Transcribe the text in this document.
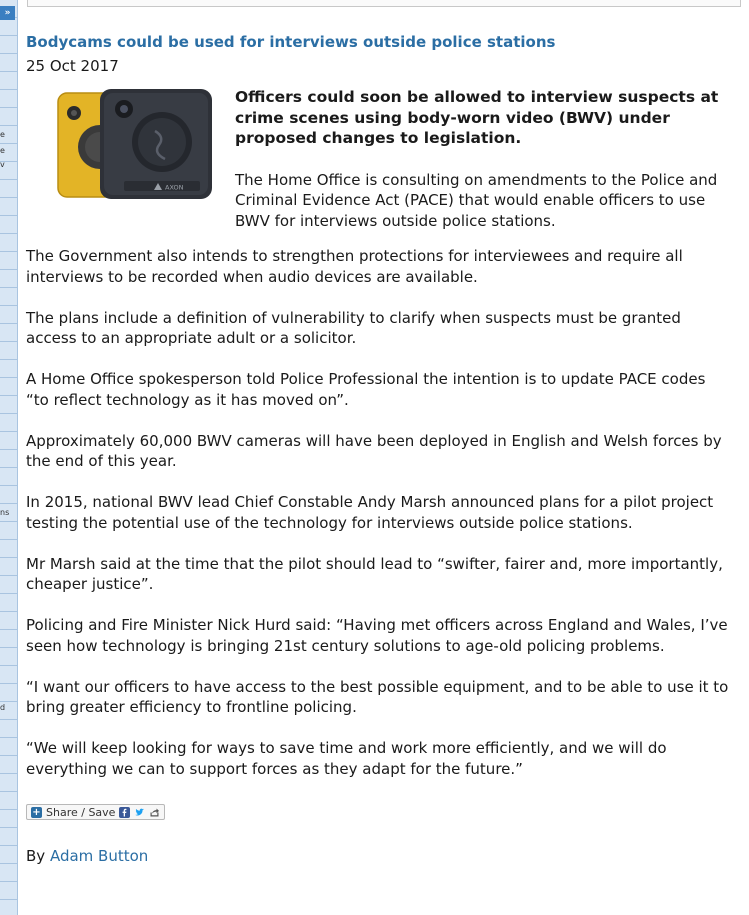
»
e
e
v
ns
d
Bodycams could be used for interviews outside police stations
25 Oct 2017
AXON

Officers could soon be allowed to interview suspects at crime scenes using body-worn video (BWV) under proposed changes to legislation.

The Home Office is consulting on amendments to the Police and Criminal Evidence Act (PACE) that would enable officers to use BWV for interviews outside police stations.

The Government also intends to strengthen protections for interviewees and require all interviews to be recorded when audio devices are available.

The plans include a definition of vulnerability to clarify when suspects must be granted access to an appropriate adult or a solicitor.

A Home Office spokesperson told Police Professional the intention is to update PACE codes “to reflect technology as it has moved on”.

Approximately 60,000 BWV cameras will have been deployed in English and Welsh forces by the end of this year.

In 2015, national BWV lead Chief Constable Andy Marsh announced plans for a pilot project testing the potential use of the technology for interviews outside police stations.

Mr Marsh said at the time that the pilot should lead to “swifter, fairer and, more importantly, cheaper justice”.

Policing and Fire Minister Nick Hurd said: “Having met officers across England and Wales, I’ve seen how technology is bringing 21st century solutions to age-old policing problems.

“I want our officers to have access to the best possible equipment, and to be able to use it to bring greater efficiency to frontline policing.

“We will keep looking for ways to save time and work more efficiently, and we will do everything we can to support forces as they adapt for the future.”

+ Share / Save
By Adam Button
